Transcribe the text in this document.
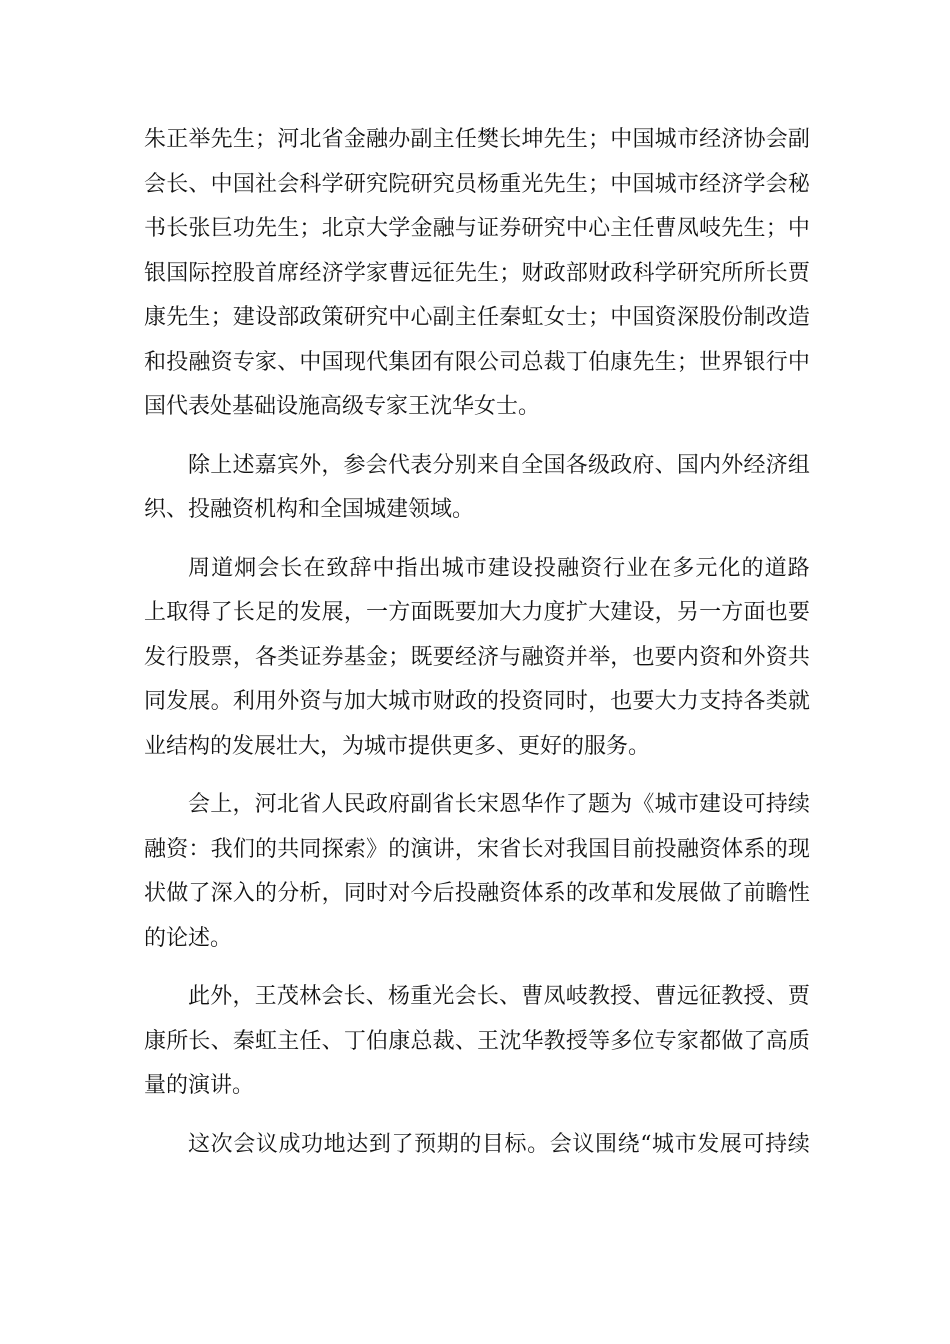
朱 正 举 先 生 ； 河 北 省 金 融 办 副 主 任 樊 长 坤 先 生 ； 中 国 城 市 经 济 协 会 副
会 长 、 中 国 社 会 科 学 研 究 院 研 究 员 杨 重 光 先 生 ； 中 国 城 市 经 济 学 会 秘
书 长 张 巨 功 先 生 ； 北 京 大 学 金 融 与 证 券 研 究 中 心 主 任 曹 凤 岐 先 生 ； 中
银 国 际 控 股 首 席 经 济 学 家 曹 远 征 先 生 ； 财 政 部 财 政 科 学 研 究 所 所 长 贾
康 先 生 ； 建 设 部 政 策 研 究 中 心 副 主 任 秦 虹 女 士 ； 中 国 资 深 股 份 制 改 造
和 投 融 资 专 家 、 中 国 现 代 集 团 有 限 公 司 总 裁 丁 伯 康 先 生 ； 世 界 银 行 中
国代表处基础设施高级专家王沈华女士。
除 上 述 嘉 宾 外 ， 参 会 代 表 分 别 来 自 全 国 各 级 政 府 、 国 内 外 经 济 组
织、投融资机构和全国城建领域。
周 道 炯 会 长 在 致 辞 中 指 出 城 市 建 设 投 融 资 行 业 在 多 元 化 的 道 路
上 取 得 了 长 足 的 发 展 ， 一 方 面 既 要 加 大 力 度 扩 大 建 设 ， 另 一 方 面 也 要
发 行 股 票 ， 各 类 证 券 基 金 ； 既 要 经 济 与 融 资 并 举 ， 也 要 内 资 和 外 资 共
同 发 展 。 利 用 外 资 与 加 大 城 市 财 政 的 投 资 同 时 ， 也 要 大 力 支 持 各 类 就
业结构的发展壮大，为城市提供更多、更好的服务。
会 上 ， 河 北 省 人 民 政 府 副 省 长 宋 恩 华 作 了 题 为 《 城 市 建 设 可 持 续
融 资 ： 我 们 的 共 同 探 索 》 的 演 讲 ， 宋 省 长 对 我 国 目 前 投 融 资 体 系 的 现
状 做 了 深 入 的 分 析 ， 同 时 对 今 后 投 融 资 体 系 的 改 革 和 发 展 做 了 前 瞻 性
的论述。
此 外 ， 王 茂 林 会 长 、 杨 重 光 会 长 、 曹 凤 岐 教 授 、 曹 远 征 教 授 、 贾
康 所 长 、 秦 虹 主 任 、 丁 伯 康 总 裁 、 王 沈 华 教 授 等 多 位 专 家 都 做 了 高 质
量的演讲。
这 次 会 议 成 功 地 达 到 了 预 期 的 目 标 。 会 议 围 绕 “ 城 市 发 展 可 持 续
